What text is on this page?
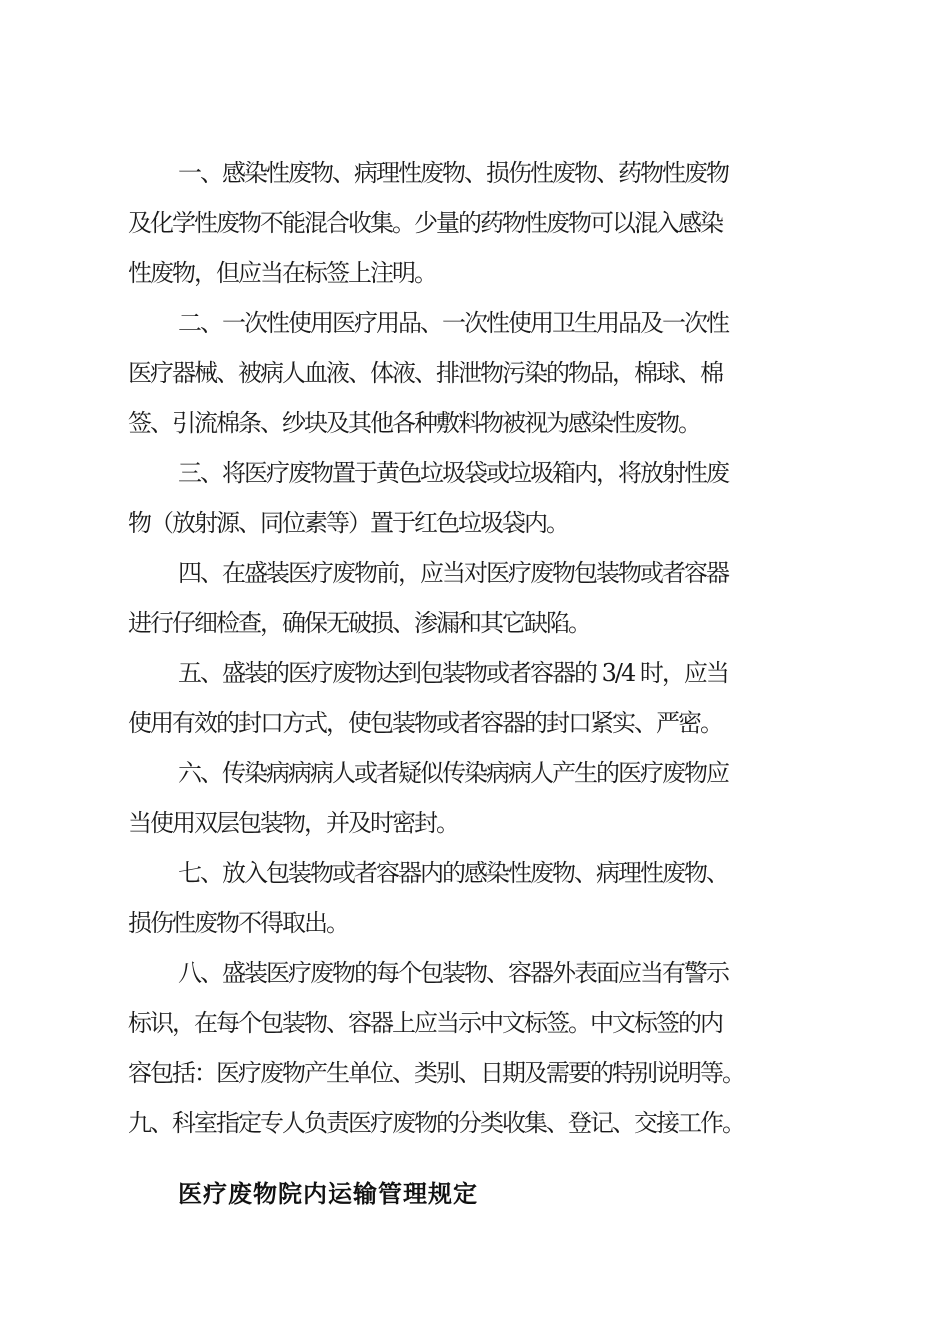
一、感染性废物、病理性废物、损伤性废物、药物性废物
及化学性废物不能混合收集。少量的药物性废物可以混入感染
性废物，但应当在标签上注明。
二、一次性使用医疗用品、一次性使用卫生用品及一次性
医疗器械、被病人血液、体液、排泄物污染的物品，棉球、棉
签、引流棉条、纱块及其他各种敷料物被视为感染性废物。
三、将医疗废物置于黄色垃圾袋或垃圾箱内，将放射性废
物（放射源、同位素等）置于红色垃圾袋内。
四、在盛装医疗废物前，应当对医疗废物包装物或者容器
进行仔细检查，确保无破损、渗漏和其它缺陷。
五、盛装的医疗废物达到包装物或者容器的 3/4 时，应当
使用有效的封口方式，使包装物或者容器的封口紧实、严密。
六、传染病病病人或者疑似传染病病人产生的医疗废物应
当使用双层包装物，并及时密封。
七、放入包装物或者容器内的感染性废物、病理性废物、
损伤性废物不得取出。
八、盛装医疗废物的每个包装物、容器外表面应当有警示
标识，在每个包装物、容器上应当示中文标签。中文标签的内
容包括：医疗废物产生单位、类别、日期及需要的特别说明等。
九、科室指定专人负责医疗废物的分类收集、登记、交接工作。
医疗废物院内运输管理规定
